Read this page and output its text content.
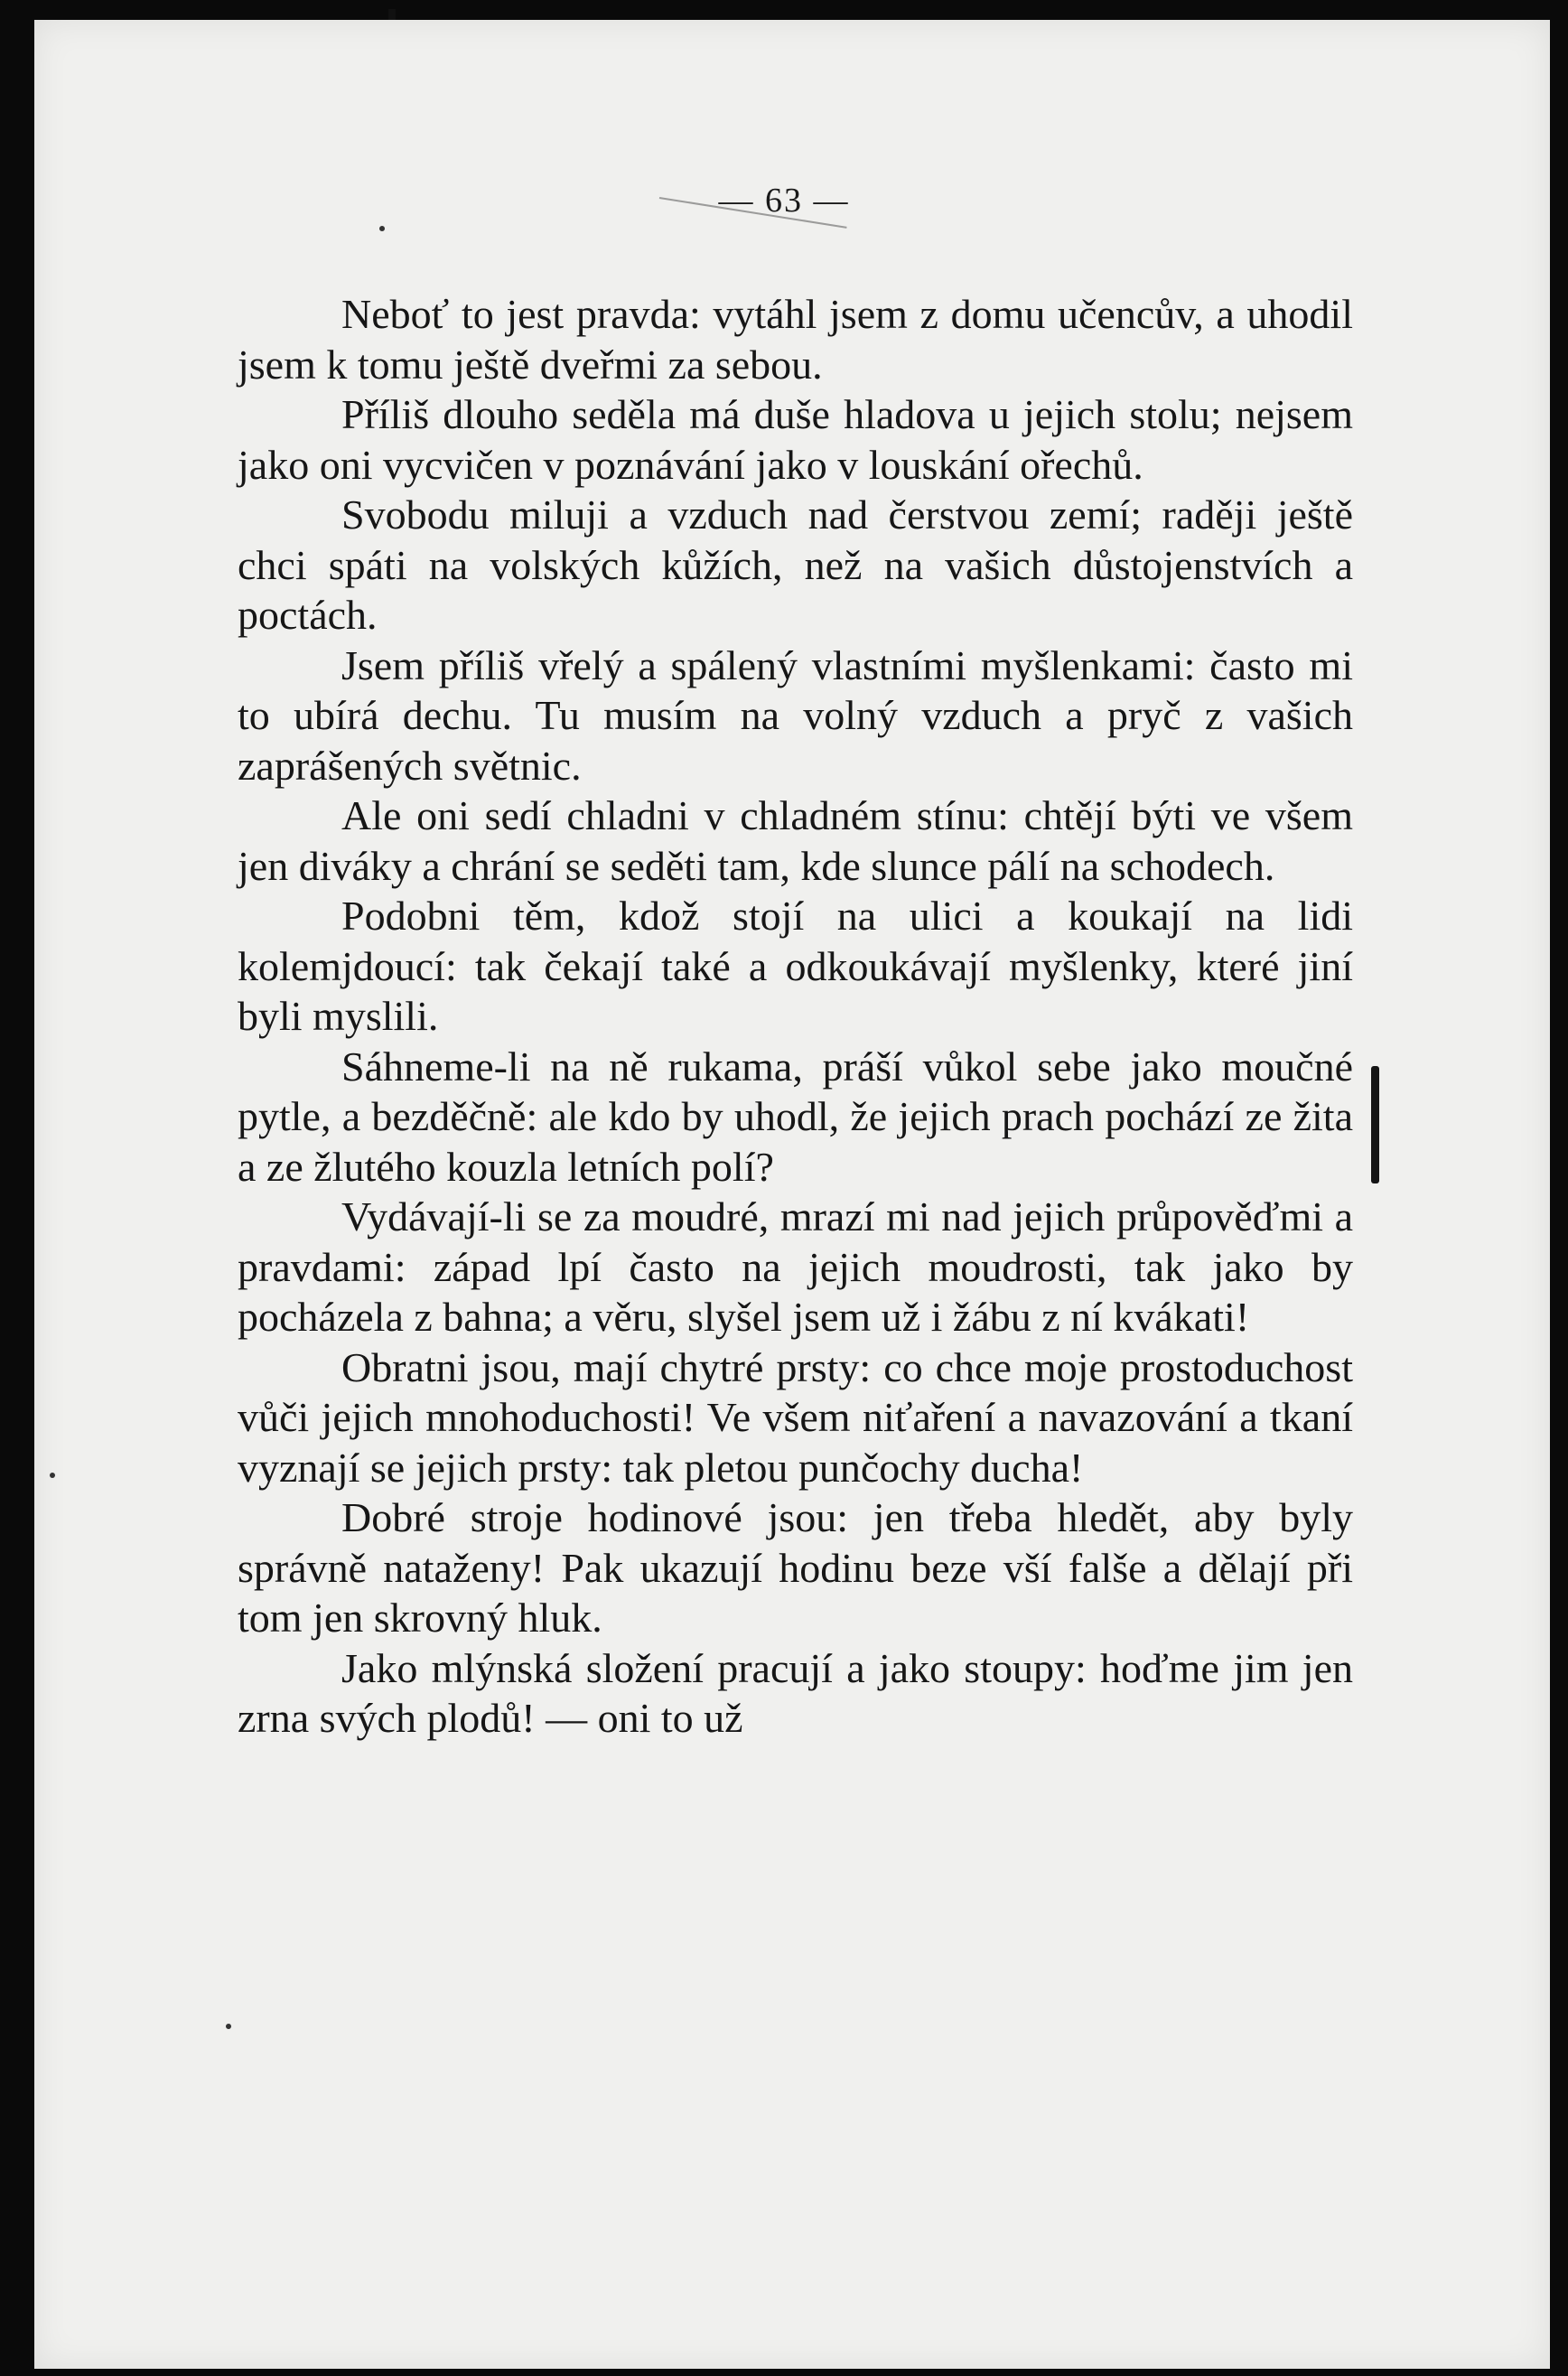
— 63 —

Neboť to jest pravda: vytáhl jsem z domu učencův, a uhodil jsem k tomu ještě dveřmi za sebou.

Příliš dlouho seděla má duše hladova u jejich stolu; nejsem jako oni vycvičen v poznávání jako v louskání ořechů.

Svobodu miluji a vzduch nad čerstvou zemí; raději ještě chci spáti na volských kůžích, než na vašich důstojenstvích a poctách.

Jsem příliš vřelý a spálený vlastními myšlenkami: často mi to ubírá dechu. Tu musím na volný vzduch a pryč z vašich zaprášených světnic.

Ale oni sedí chladni v chladném stínu: chtějí býti ve všem jen diváky a chrání se seděti tam, kde slunce pálí na schodech.

Podobni těm, kdož stojí na ulici a koukají na lidi kolemjdoucí: tak čekají také a odkoukávají myšlenky, které jiní byli myslili.

Sáhneme-li na ně rukama, práší vůkol sebe jako moučné pytle, a bezděčně: ale kdo by uhodl, že jejich prach pochází ze žita a ze žlutého kouzla letních polí?

Vydávají-li se za moudré, mrazí mi nad jejich průpověďmi a pravdami: západ lpí často na jejich moudrosti, tak jako by pocházela z bahna; a věru, slyšel jsem už i žábu z ní kvákati!

Obratni jsou, mají chytré prsty: co chce moje prostoduchost vůči jejich mnohoduchosti! Ve všem niťaření a navazování a tkaní vyznají se jejich prsty: tak pletou punčochy ducha!

Dobré stroje hodinové jsou: jen třeba hledět, aby byly správně nataženy! Pak ukazují hodinu beze vší falše a dělají při tom jen skrovný hluk.

Jako mlýnská složení pracují a jako stoupy: hoďme jim jen zrna svých plodů! — oni to už
